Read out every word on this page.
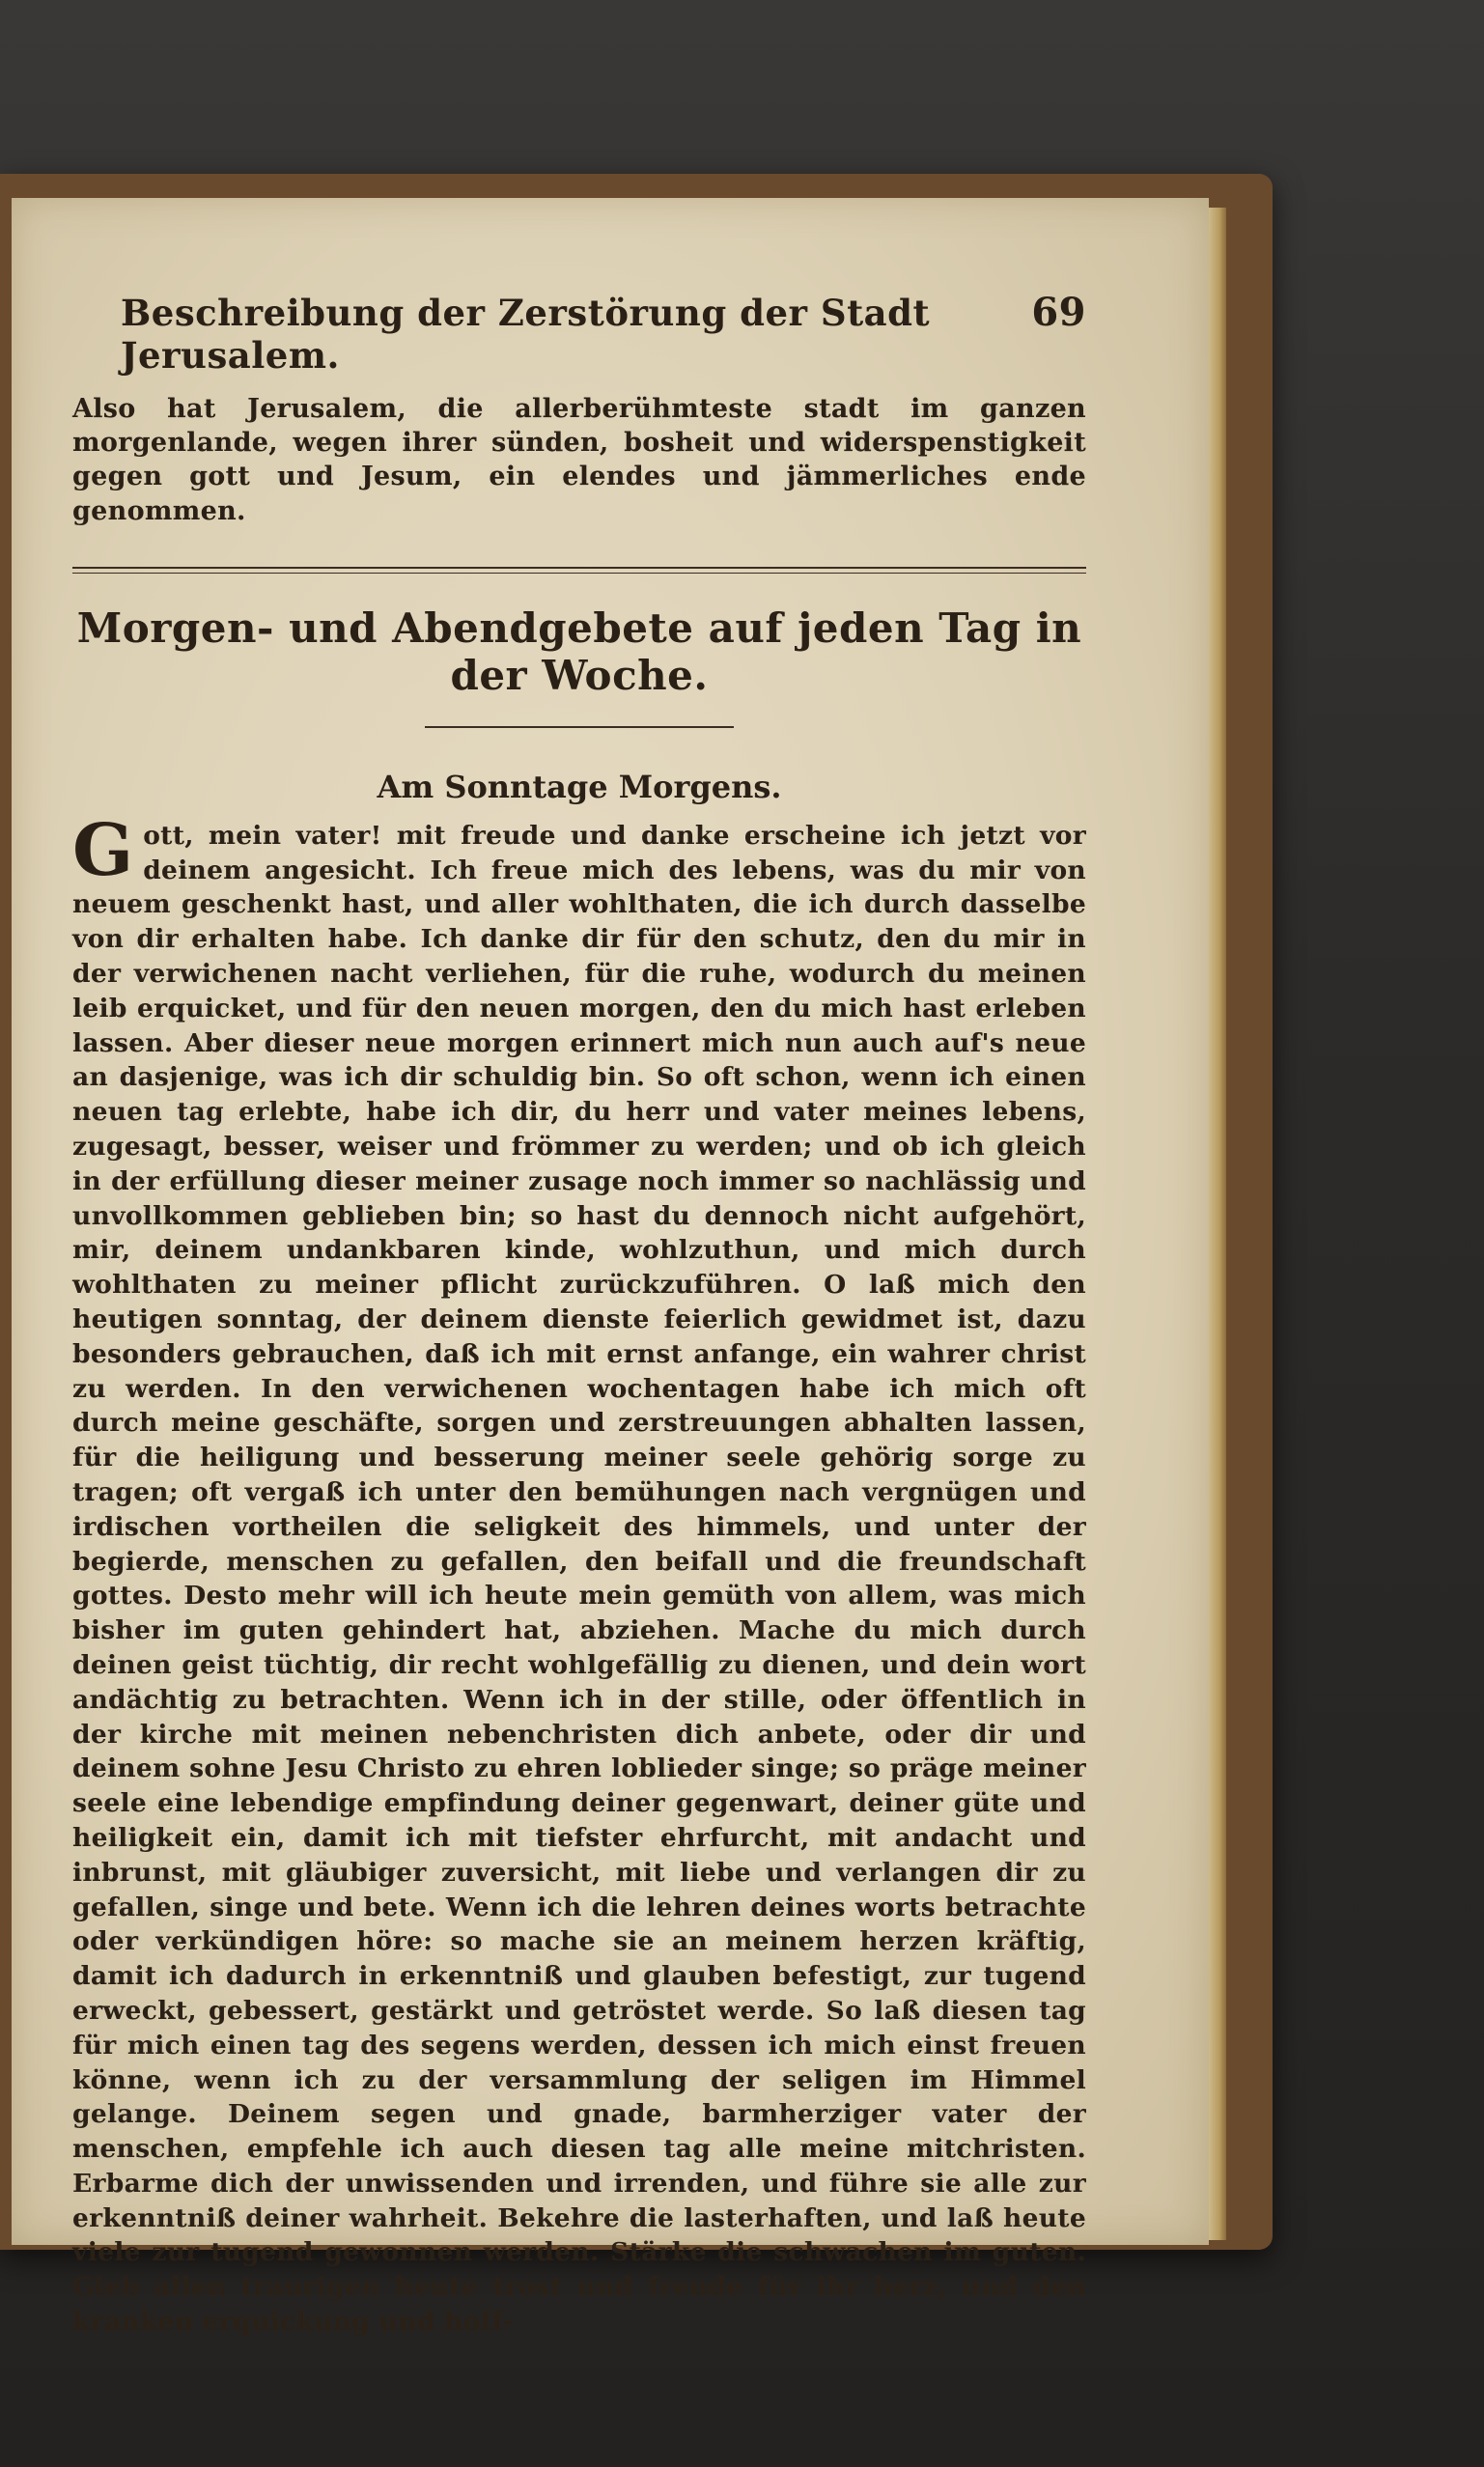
Beschreibung der Zerstörung der Stadt Jerusalem.
69

Also hat Jerusalem, die allerberühmteste stadt im ganzen morgenlande, wegen ihrer sünden, bosheit und widerspenstigkeit gegen gott und Jesum, ein elendes und jämmerliches ende genommen.

Morgen- und Abendgebete auf jeden Tag in der Woche.
Am Sonntage Morgens.
G ott, mein vater! mit freude und danke erscheine ich jetzt vor deinem angesicht. Ich freue mich des lebens, was du mir von neuem geschenkt hast, und aller wohlthaten, die ich durch dasselbe von dir erhalten habe. Ich danke dir für den schutz, den du mir in der verwichenen nacht verliehen, für die ruhe, wodurch du meinen leib erquicket, und für den neuen morgen, den du mich hast erleben lassen. Aber dieser neue morgen erinnert mich nun auch auf's neue an dasjenige, was ich dir schuldig bin. So oft schon, wenn ich einen neuen tag erlebte, habe ich dir, du herr und vater meines lebens, zugesagt, besser, weiser und frömmer zu werden; und ob ich gleich in der erfüllung dieser meiner zusage noch immer so nachlässig und unvollkommen geblieben bin; so hast du dennoch nicht aufgehört, mir, deinem undankbaren kinde, wohlzuthun, und mich durch wohlthaten zu meiner pflicht zurückzuführen. O laß mich den heutigen sonntag, der deinem dienste feierlich gewidmet ist, dazu besonders gebrauchen, daß ich mit ernst anfange, ein wahrer christ zu werden. In den verwichenen wochentagen habe ich mich oft durch meine geschäfte, sorgen und zerstreuungen abhalten lassen, für die heiligung und besserung meiner seele gehörig sorge zu tragen; oft vergaß ich unter den bemühungen nach vergnügen und irdischen vortheilen die seligkeit des himmels, und unter der begierde, menschen zu gefallen, den beifall und die freundschaft gottes. Desto mehr will ich heute mein gemüth von allem, was mich bisher im guten gehindert hat, abziehen. Mache du mich durch deinen geist tüchtig, dir recht wohlgefällig zu dienen, und dein wort andächtig zu betrachten. Wenn ich in der stille, oder öffentlich in der kirche mit meinen nebenchristen dich anbete, oder dir und deinem sohne Jesu Christo zu ehren loblieder singe; so präge meiner seele eine lebendige empfindung deiner gegenwart, deiner güte und heiligkeit ein, damit ich mit tiefster ehrfurcht, mit andacht und inbrunst, mit gläubiger zuversicht, mit liebe und verlangen dir zu gefallen, singe und bete. Wenn ich die lehren deines worts betrachte oder verkündigen höre: so mache sie an meinem herzen kräftig, damit ich dadurch in erkenntniß und glauben befestigt, zur tugend erweckt, gebessert, gestärkt und getröstet werde. So laß diesen tag für mich einen tag des segens werden, dessen ich mich einst freuen könne, wenn ich zu der versammlung der seligen im Himmel gelange. Deinem segen und gnade, barmherziger vater der menschen, empfehle ich auch diesen tag alle meine mitchristen. Erbarme dich der unwissenden und irrenden, und führe sie alle zur erkenntniß deiner wahrheit. Bekehre die lasterhaften, und laß heute viele zur tugend gewonnen werden. Stärke die schwachen im guten. Gieb allen traurigen heute trost und freude für ihr herz, und den kranken erquickung und hoff-
